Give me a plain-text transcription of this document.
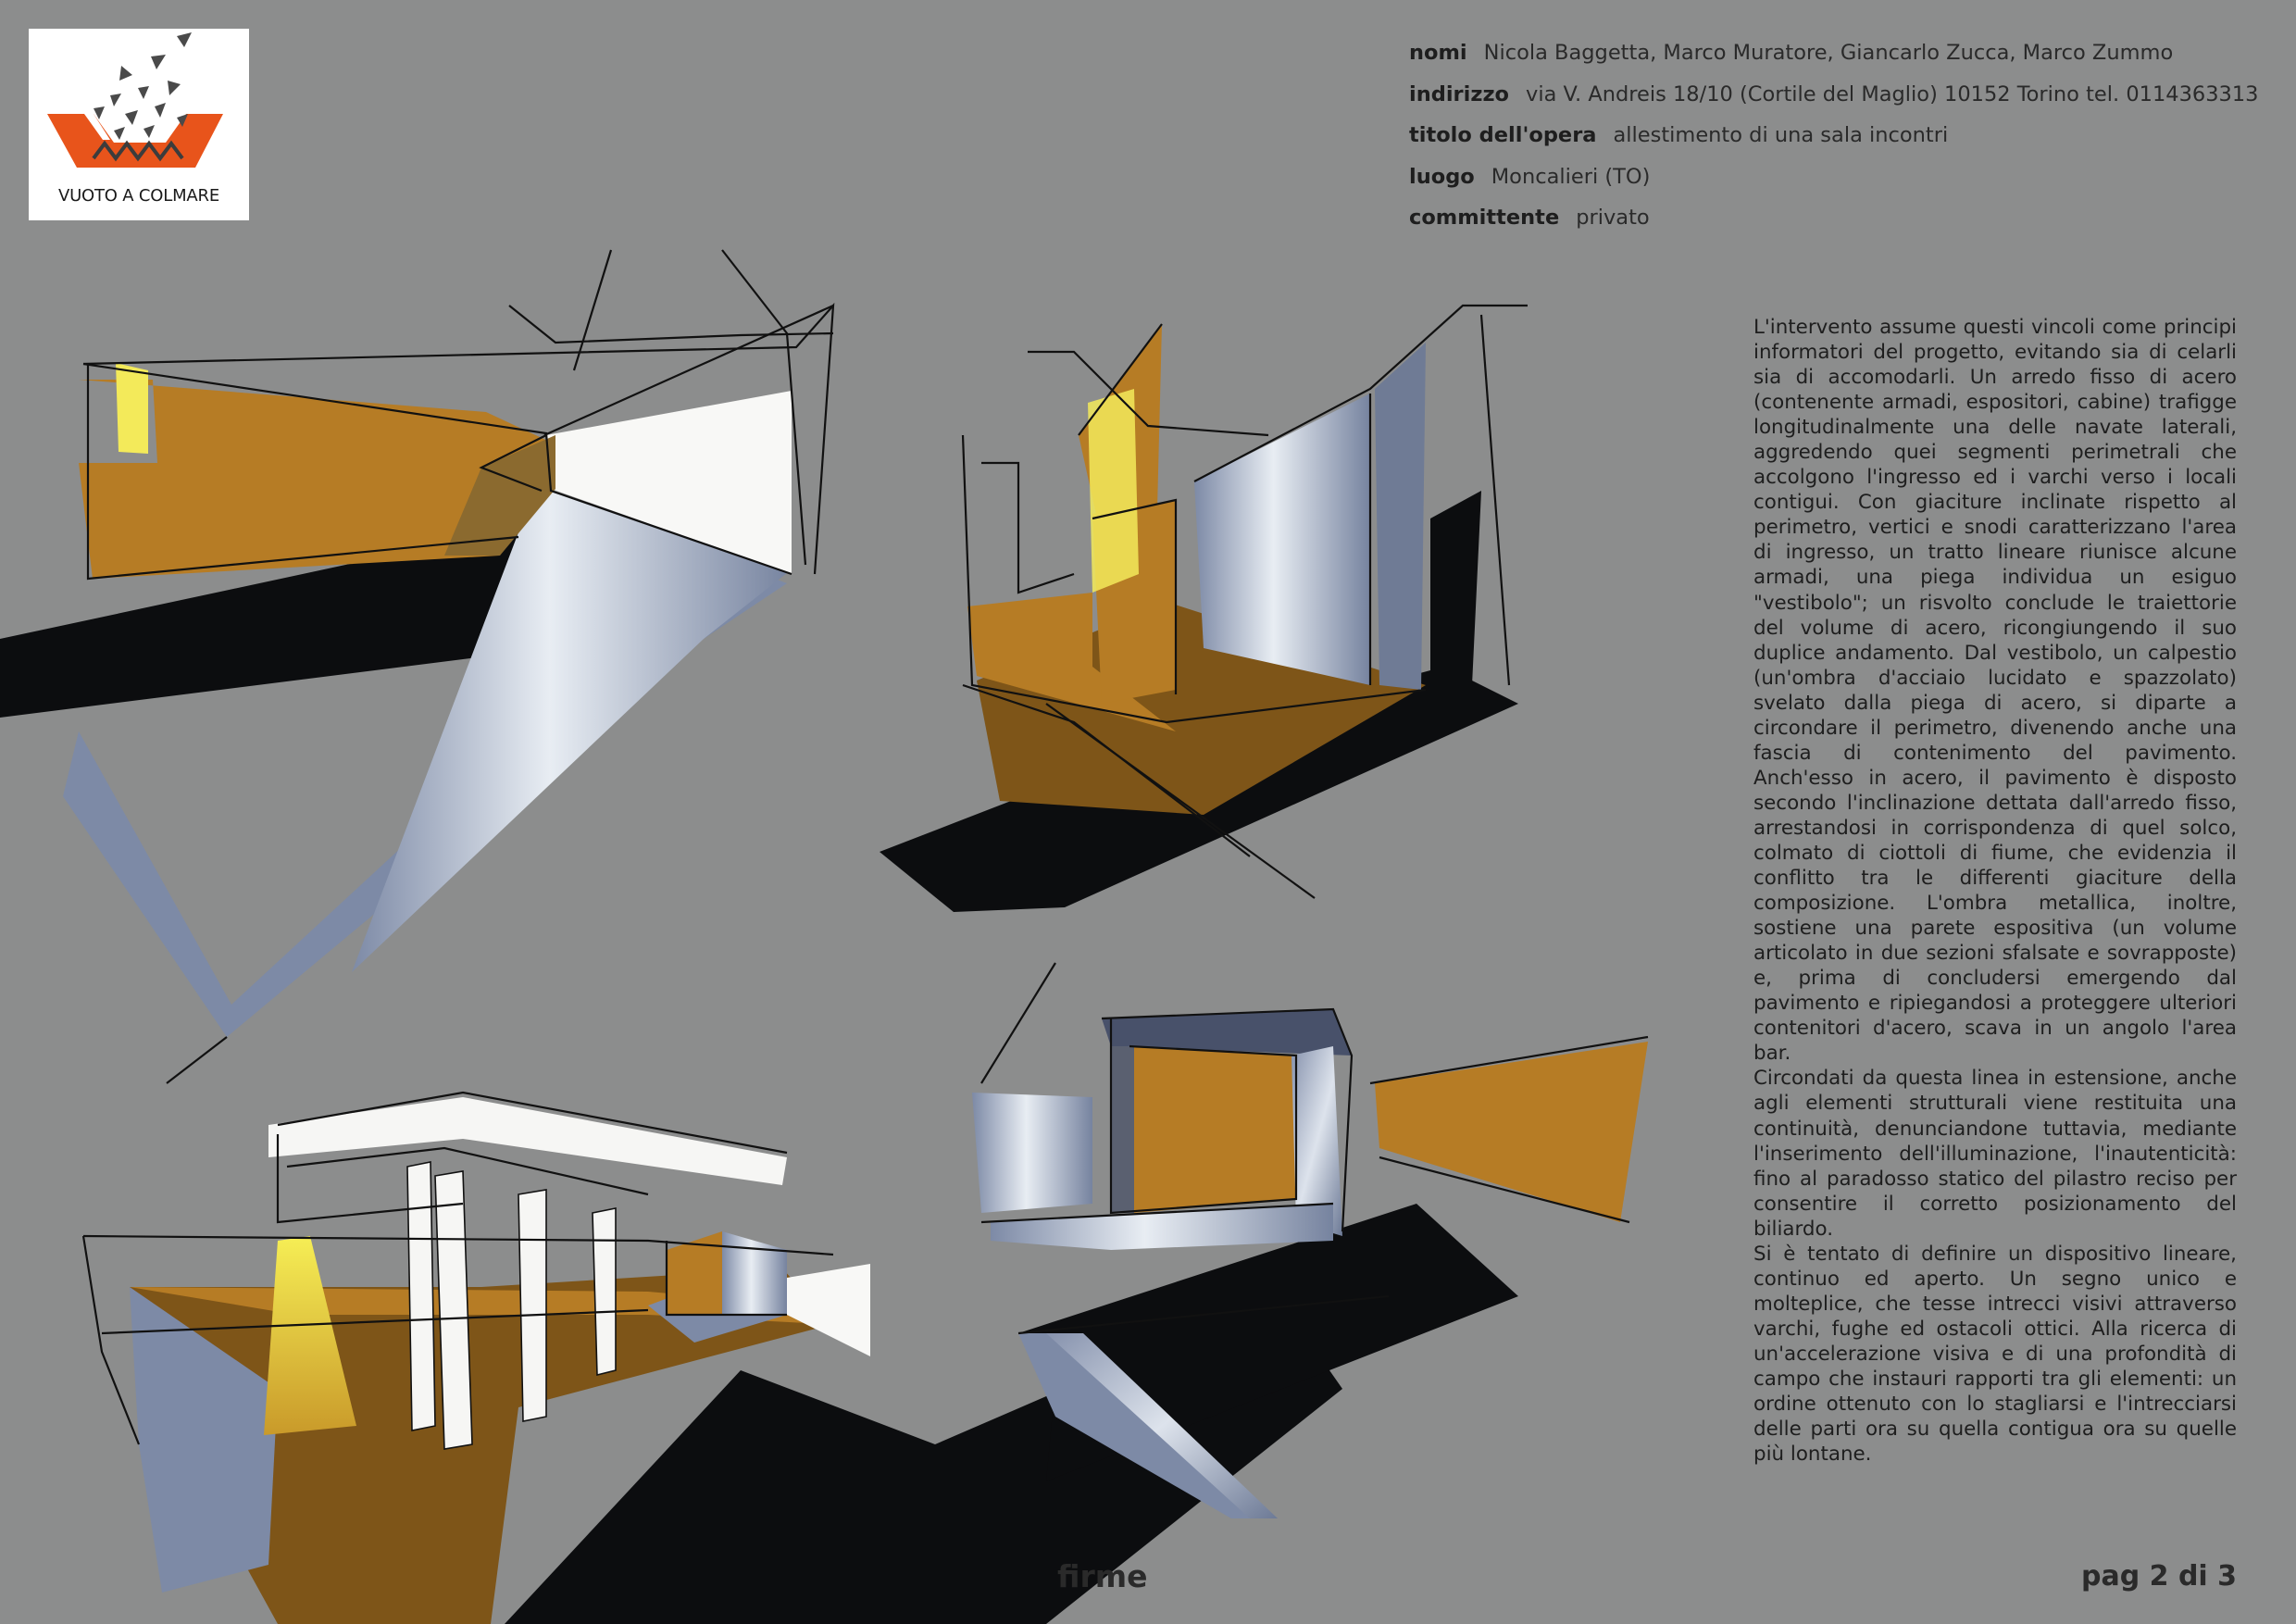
VUOTO A COLMARE
nomi Nicola Baggetta, Marco Muratore, Giancarlo Zucca, Marco Zummo
indirizzo via V. Andreis 18/10 (Cortile del Maglio) 10152 Torino tel. 0114363313
titolo dell'opera allestimento di una sala incontri
luogo Moncalieri (TO)
committente privato

L'intervento assume questi vincoli come principi informatori del progetto, evitando sia di celarli sia di accomodarli. Un arredo fisso di acero (contenente armadi, espositori, cabine) trafigge longitudinalmente una delle navate laterali, aggredendo quei segmenti perimetrali che accolgono l'ingresso ed i varchi verso i locali contigui. Con giaciture inclinate rispetto al perimetro, vertici e snodi caratterizzano l'area di ingresso, un tratto lineare riunisce alcune armadi, una piega individua un esiguo "vestibolo"; un risvolto conclude le traiettorie del volume di acero, ricongiungendo il suo duplice andamento. Dal vestibolo, un calpestio (un'ombra d'acciaio lucidato e spazzolato) svelato dalla piega di acero, si diparte a circondare il perimetro, divenendo anche una fascia di contenimento del pavimento. Anch'esso in acero, il pavimento è disposto secondo l'inclinazione dettata dall'arredo fisso, arrestandosi in corrispondenza di quel solco, colmato di ciottoli di fiume, che evidenzia il conflitto tra le differenti giaciture della composizione. L'ombra metallica, inoltre, sostiene una parete espositiva (un volume articolato in due sezioni sfalsate e sovrapposte) e, prima di concludersi emergendo dal pavimento e ripiegandosi a proteggere ulteriori contenitori d'acero, scava in un angolo l'area bar.

Circondati da questa linea in estensione, anche agli elementi strutturali viene restituita una continuità, denunciandone tuttavia, mediante l'inserimento dell'illuminazione, l'inautenticità: fino al paradosso statico del pilastro reciso per consentire il corretto posizionamento del biliardo.

Si è tentato di definire un dispositivo lineare, continuo ed aperto. Un segno unico e molteplice, che tesse intrecci visivi attraverso varchi, fughe ed ostacoli ottici. Alla ricerca di un'accelerazione visiva e di una profondità di campo che instauri rapporti tra gli elementi: un ordine ottenuto con lo stagliarsi e l'intrecciarsi delle parti ora su quella contigua ora su quelle più lontane.

firme	pag 2 di 3
